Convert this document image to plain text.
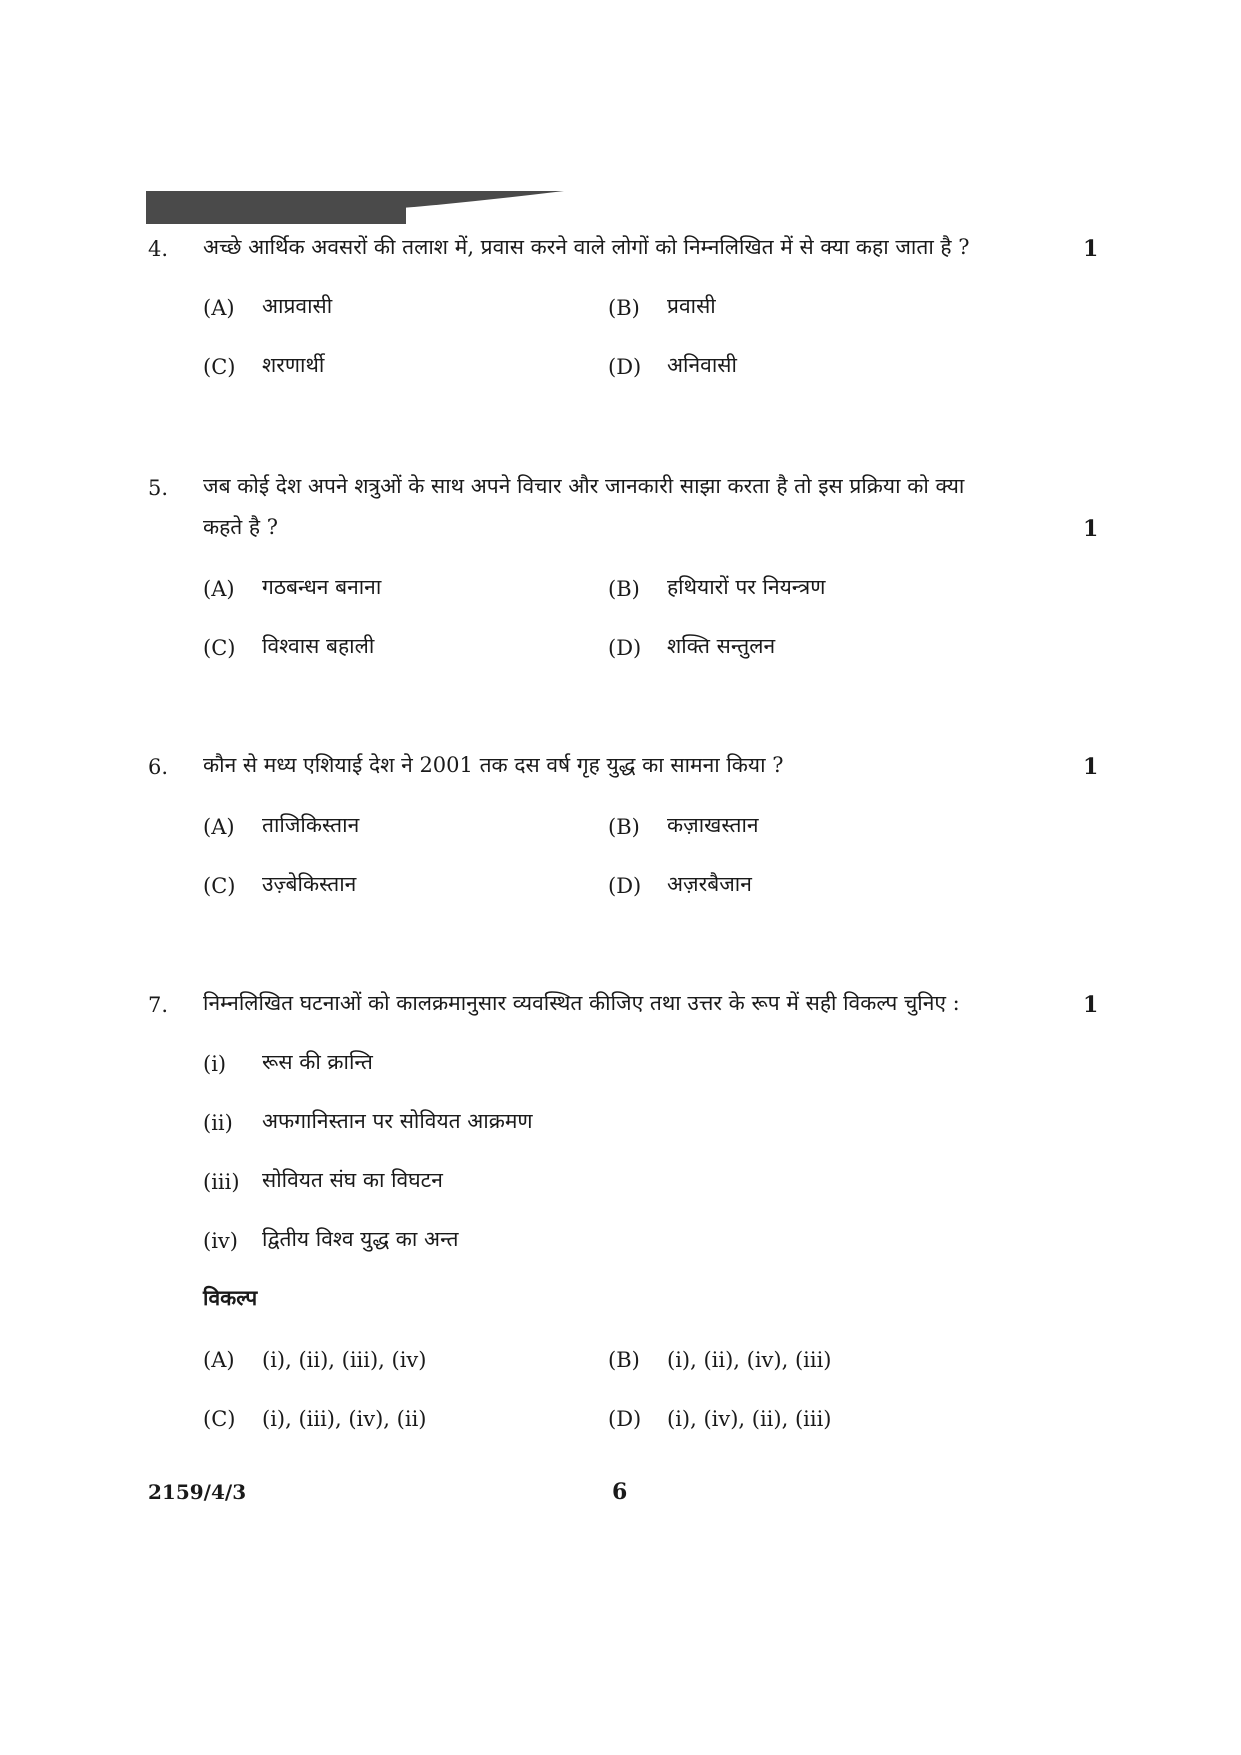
4. अच्छे आर्थिक अवसरों की तलाश में, प्रवास करने वाले लोगों को निम्नलिखित में से क्या कहा जाता है ?	1
(A) आप्रवासी	(B) प्रवासी
(C) शरणार्थी	(D) अनिवासी
5. जब कोई देश अपने शत्रुओं के साथ अपने विचार और जानकारी साझा करता है तो इस प्रक्रिया को क्या
कहते है ?	1
(A) गठबन्धन बनाना	(B) हथियारों पर नियन्त्रण
(C) विश्वास बहाली	(D) शक्ति सन्तुलन
6. कौन से मध्य एशियाई देश ने 2001 तक दस वर्ष गृह युद्ध का सामना किया ?	1
(A) ताजिकिस्तान	(B) कज़ाखस्तान
(C) उज़्बेकिस्तान	(D) अज़रबैजान
7. निम्नलिखित घटनाओं को कालक्रमानुसार व्यवस्थित कीजिए तथा उत्तर के रूप में सही विकल्प चुनिए :	1
(i) रूस की क्रान्ति
(ii) अफगानिस्तान पर सोवियत आक्रमण
(iii) सोवियत संघ का विघटन
(iv) द्वितीय विश्व युद्ध का अन्त
विकल्प
(A) (i), (ii), (iii), (iv)	(B) (i), (ii), (iv), (iii)
(C) (i), (iii), (iv), (ii)	(D) (i), (iv), (ii), (iii)
2159/4/3	6
